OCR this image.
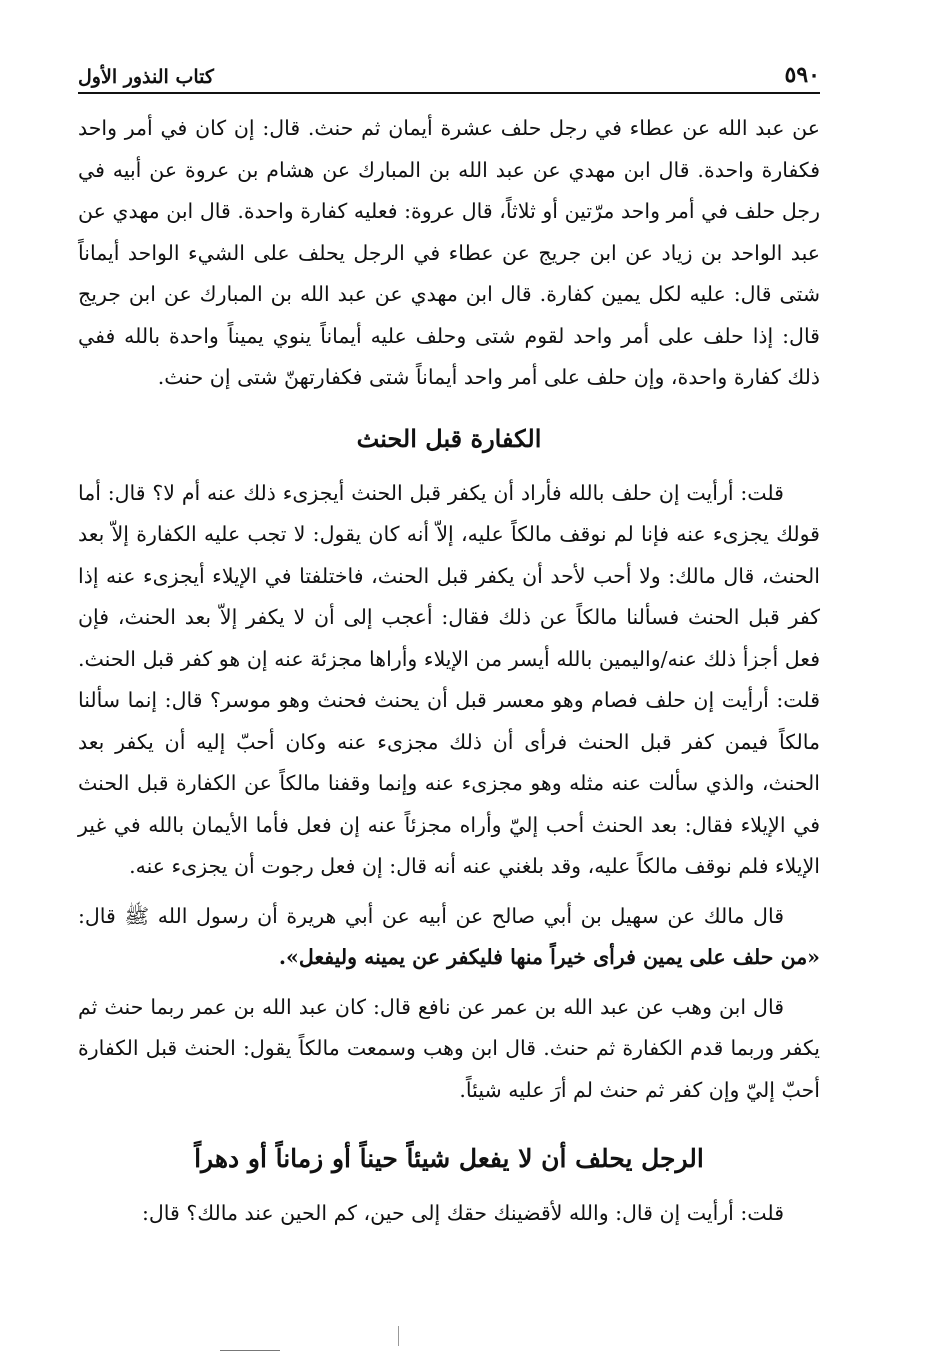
٥٩٠
كتاب النذور الأول

عن عبد الله عن عطاء في رجل حلف عشرة أيمان ثم حنث. قال: إن كان في أمر واحد فكفارة واحدة. قال ابن مهدي عن عبد الله بن المبارك عن هشام بن عروة عن أبيه في رجل حلف في أمر واحد مرّتين أو ثلاثاً، قال عروة: فعليه كفارة واحدة. قال ابن مهدي عن عبد الواحد بن زياد عن ابن جريج عن عطاء في الرجل يحلف على الشيء الواحد أيماناً شتى قال: عليه لكل يمين كفارة. قال ابن مهدي عن عبد الله بن المبارك عن ابن جريج قال: إذا حلف على أمر واحد لقوم شتى وحلف عليه أيماناً ينوي يميناً واحدة بالله ففي ذلك كفارة واحدة، وإن حلف على أمر واحد أيماناً شتى فكفارتهنّ شتى إن حنث.

الكفارة قبل الحنث

قلت: أرأيت إن حلف بالله فأراد أن يكفر قبل الحنث أيجزىء ذلك عنه أم لا؟ قال: أما قولك يجزىء عنه فإنا لم نوقف مالكاً عليه، إلاّ أنه كان يقول: لا تجب عليه الكفارة إلاّ بعد الحنث، قال مالك: ولا أحب لأحد أن يكفر قبل الحنث، فاختلفتا في الإيلاء أيجزىء عنه إذا كفر قبل الحنث فسألنا مالكاً عن ذلك فقال: أعجب إلى أن لا يكفر إلاّ بعد الحنث، فإن فعل أجزأ ذلك عنه/واليمين بالله أيسر من الإيلاء وأراها مجزئة عنه إن هو كفر قبل الحنث. قلت: أرأيت إن حلف فصام وهو معسر قبل أن يحنث فحنث وهو موسر؟ قال: إنما سألنا مالكاً فيمن كفر قبل الحنث فرأى أن ذلك مجزىء عنه وكان أحبّ إليه أن يكفر بعد الحنث، والذي سألت عنه مثله وهو مجزىء عنه وإنما وقفنا مالكاً عن الكفارة قبل الحنث في الإيلاء فقال: بعد الحنث أحب إليّ وأراه مجزئاً عنه إن فعل فأما الأيمان بالله في غير الإيلاء فلم نوقف مالكاً عليه، وقد بلغني عنه أنه قال: إن فعل رجوت أن يجزىء عنه.

قال مالك عن سهيل بن أبي صالح عن أبيه عن أبي هريرة أن رسول الله ﷺ قال: «من حلف على يمين فرأى خيراً منها فليكفر عن يمينه وليفعل».

قال ابن وهب عن عبد الله بن عمر عن نافع قال: كان عبد الله بن عمر ربما حنث ثم يكفر وربما قدم الكفارة ثم حنث. قال ابن وهب وسمعت مالكاً يقول: الحنث قبل الكفارة أحبّ إليّ وإن كفر ثم حنث لم أرَ عليه شيئاً.

الرجل يحلف أن لا يفعل شيئاً حيناً أو زماناً أو دهراً

قلت: أرأيت إن قال: والله لأقضينك حقك إلى حين، كم الحين عند مالك؟ قال:
